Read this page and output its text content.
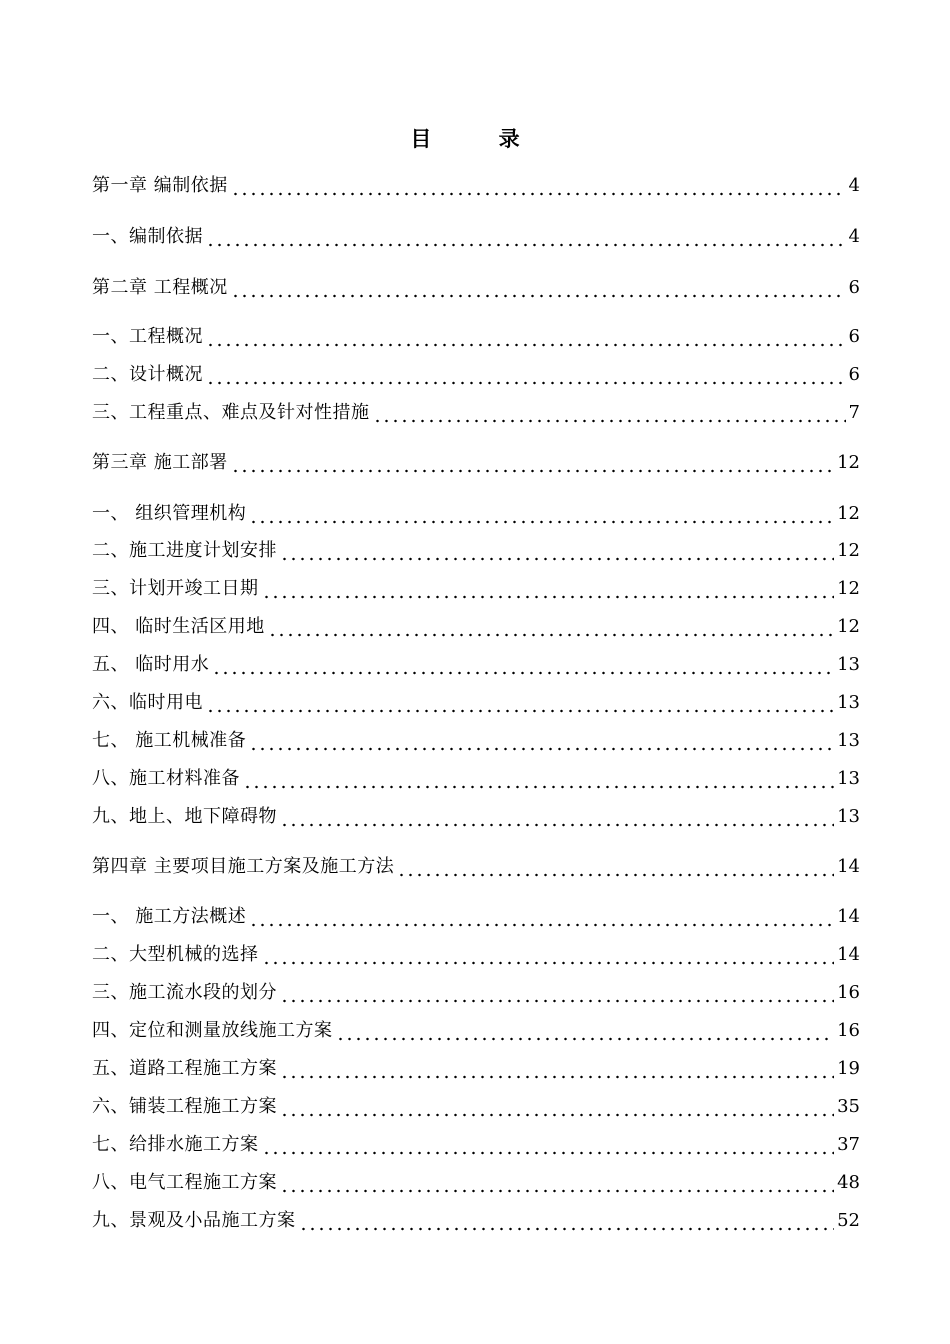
目 录
第一章 编制依据	4
一、编制依据	4
第二章 工程概况	6
一、工程概况	6
二、设计概况	6
三、工程重点、难点及针对性措施	7
第三章 施工部署	12
一、 组织管理机构	12
二、施工进度计划安排	12
三、计划开竣工日期	12
四、 临时生活区用地	12
五、 临时用水	13
六、临时用电	13
七、 施工机械准备	13
八、施工材料准备	13
九、地上、地下障碍物	13
第四章 主要项目施工方案及施工方法	14
一、 施工方法概述	14
二、大型机械的选择	14
三、施工流水段的划分	16
四、定位和测量放线施工方案	16
五、道路工程施工方案	19
六、铺装工程施工方案	35
七、给排水施工方案	37
八、电气工程施工方案	48
九、景观及小品施工方案	52
